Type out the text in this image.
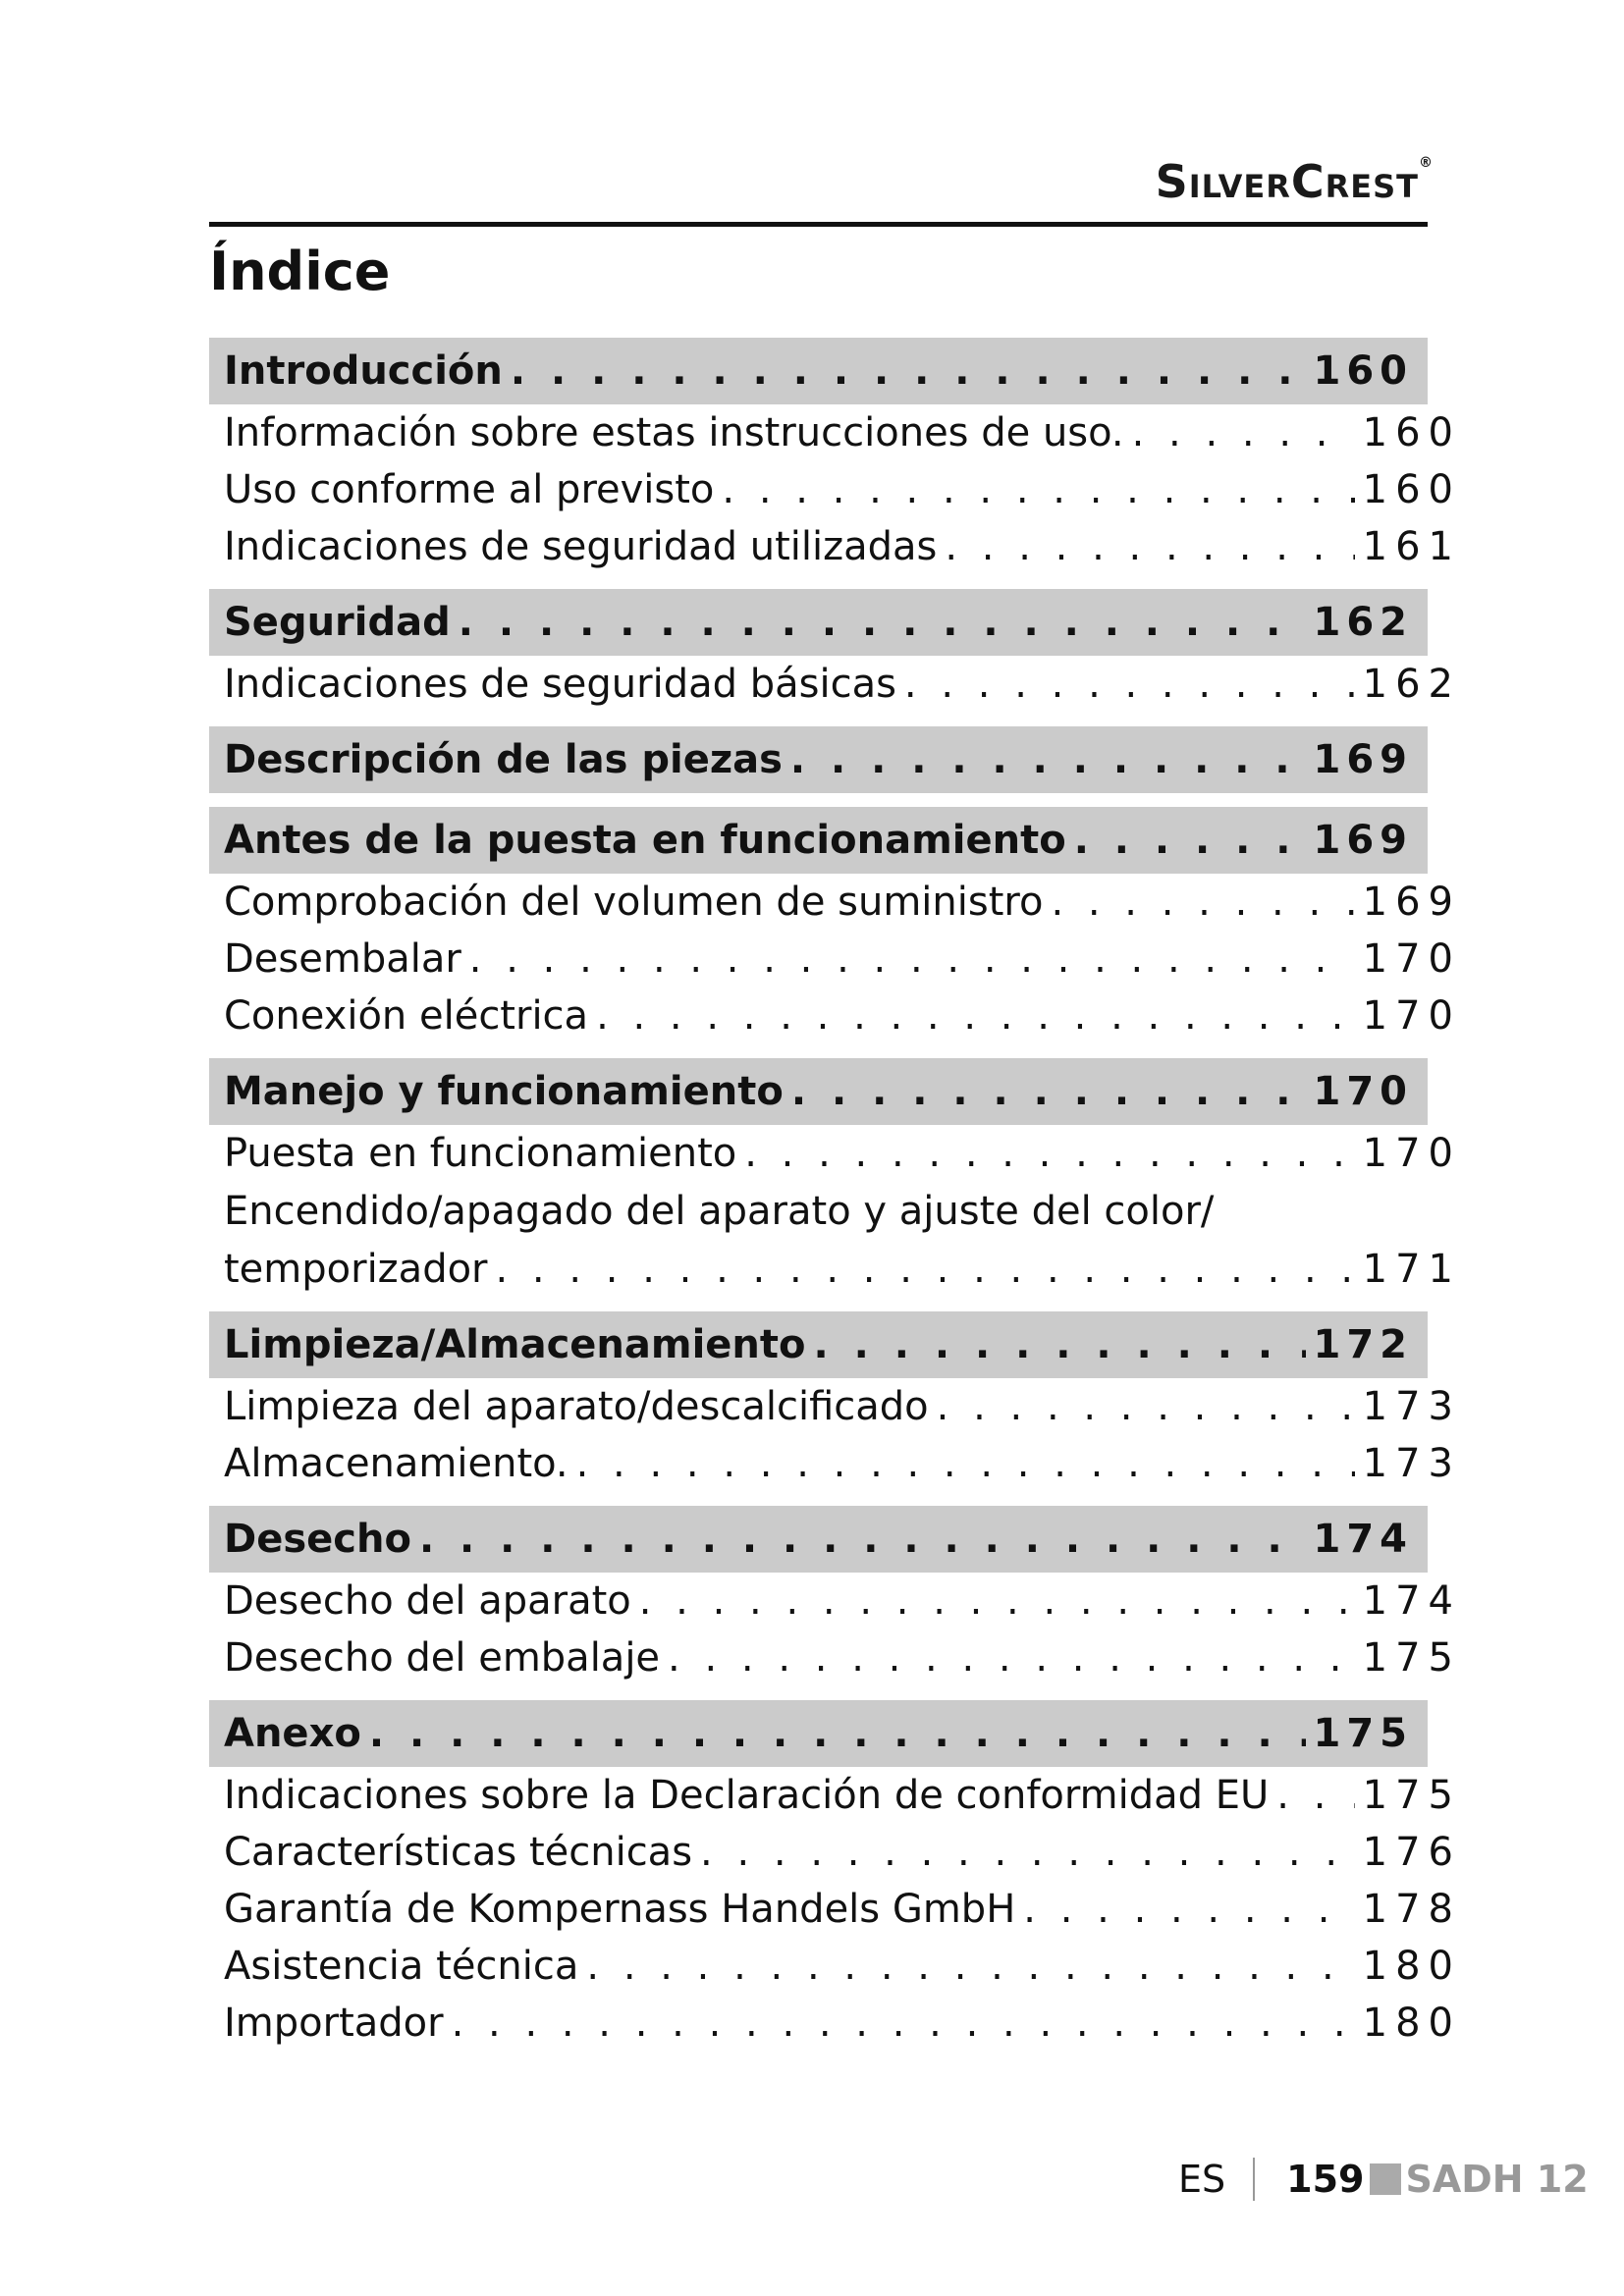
SilverCrest®
Índice
Introducción . . .	160
Información sobre estas instrucciones de uso. . . .	160
Uso conforme al previsto . . .	160
Indicaciones de seguridad utilizadas . . .	161
Seguridad . . .	162
Indicaciones de seguridad básicas . . .	162
Descripción de las piezas . . .	169
Antes de la puesta en funcionamiento . . .	169
Comprobación del volumen de suministro . . .	169
Desembalar . . .	170
Conexión eléctrica . . .	170
Manejo y funcionamiento . . .	170
Puesta en funcionamiento . . .	170
Encendido/apagado del aparato y ajuste del color/
temporizador . . .	171
Limpieza/Almacenamiento . . .	172
Limpieza del aparato/descalcificado . . .	173
Almacenamiento. . . .	173
Desecho . . .	174
Desecho del aparato . . .	174
Desecho del embalaje . . .	175
Anexo . . .	175
Indicaciones sobre la Declaración de conformidad EU . . . 175
Características técnicas . . .	176
Garantía de Kompernass Handels GmbH . . .	178
Asistencia técnica . . .	180
Importador . . .	180
ES 159 SADH 12
